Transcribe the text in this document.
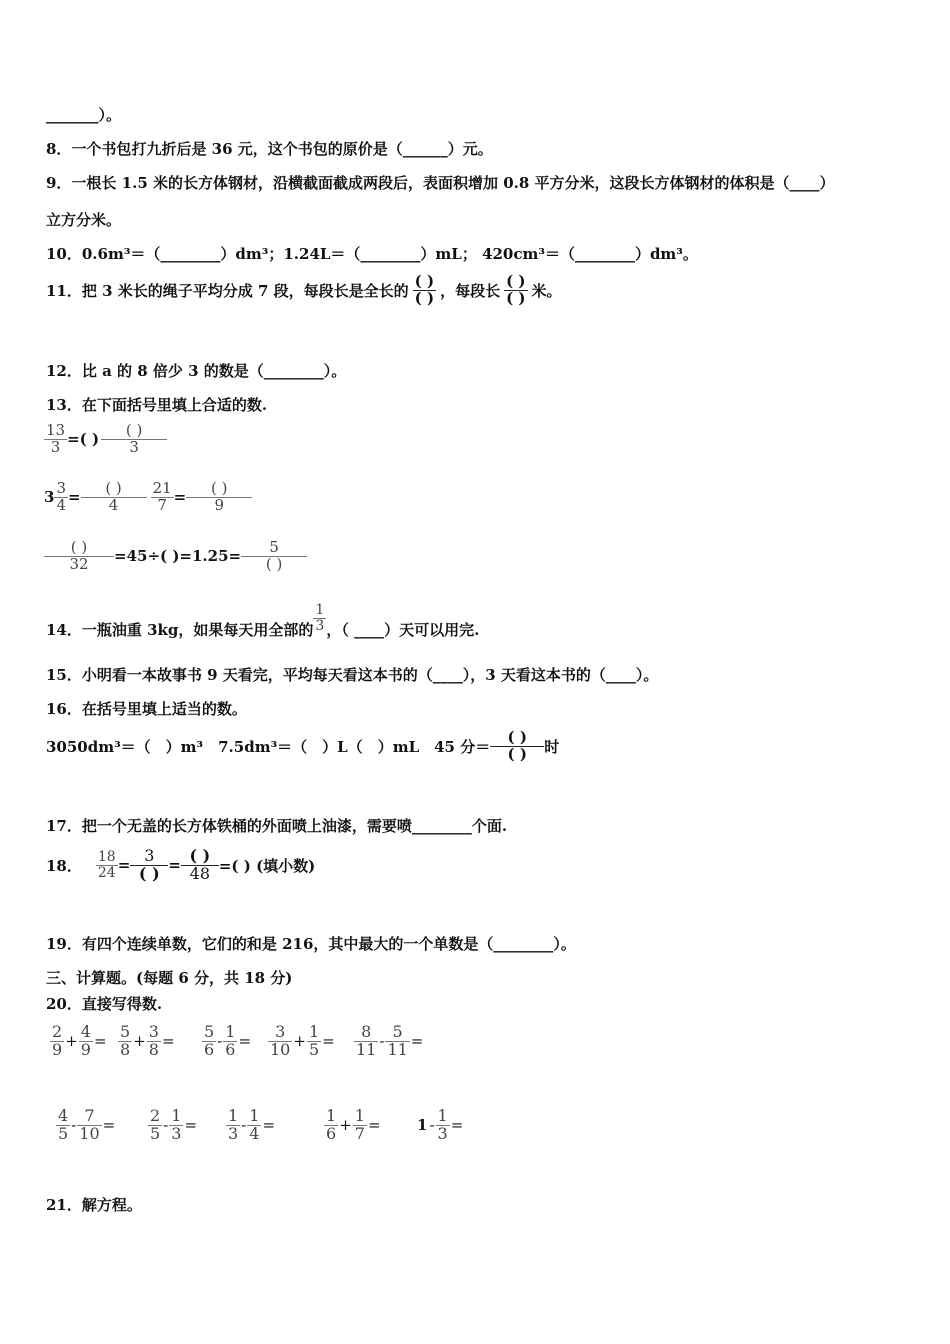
_______）。
8．一个书包打九折后是 36 元，这个书包的原价是（______）元。
9．一根长 1.5 米的长方体钢材，沿横截面截成两段后，表面积增加 0.8 平方分米，这段长方体钢材的体积是（____）
立方分米。
10．0.6m³＝（________）dm³；1.24L＝（________）mL； 420cm³＝（________）dm³。
11．把 3 米长的绳子平均分成 7 段，每段长是全长的 $\frac{( )}{( )}$ ，每段长 $\frac{( )}{( )}$ 米。
12．比 a 的 8 倍少 3 的数是（________）。
13．在下面括号里填上合适的数.
$\frac{13}{3}$ = ( ) $\frac{( )}{3}$
$3 \frac{3}{4} = \frac{( )}{4} \frac{21}{7} = \frac{( )}{9}$
$\frac{( )}{32} =45\div$( )$=1.25= \frac{5}{( )}$
14．一瓶油重 3kg，如果每天用全部的 $\frac{1}{3}$ ，（ ____）天可以用完.
15．小明看一本故事书 9 天看完，平均每天看这本书的（____），3 天看这本书的（____）。
16．在括号里填上适当的数。
3050dm³＝（　）m³　7.5dm³＝（　）L（　）mL　45 分＝ $\frac{( )}{( )}$ 时
17．把一个无盖的长方体铁桶的外面喷上油漆，需要喷________个面.
18． $\frac{18}{24} = \frac{3}{( )} = \frac{( )}{48}$ =( ) (填小数)
19．有四个连续单数，它们的和是 216，其中最大的一个单数是（________）。
三、计算题。(每题 6 分，共 18 分)
20．直接写得数.
$\frac{2}{9} + \frac{4}{9} = \frac{5}{8} + \frac{3}{8} = \frac{5}{6} - \frac{1}{6} = \frac{3}{10} + \frac{1}{5} = \frac{8}{11} - \frac{5}{11}$ =
$\frac{4}{5} - \frac{7}{10} = \frac{2}{5} - \frac{1}{3} = \frac{1}{3} - \frac{1}{4}$ =	$\frac{1}{6} + \frac{1}{7} = 1 - \frac{1}{3}$ =
21．解方程。
